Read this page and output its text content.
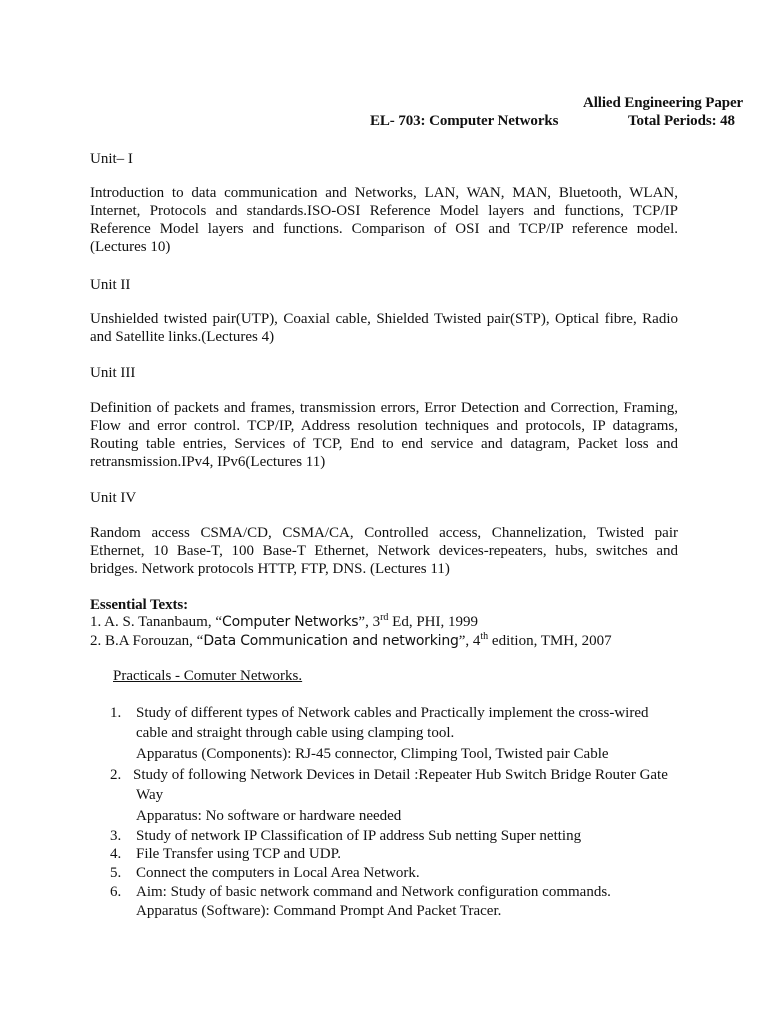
Allied Engineering Paper
EL- 703: Computer Networks	Total Periods: 48
Unit– I
Introduction to data communication and Networks, LAN, WAN, MAN, Bluetooth, WLAN, Internet, Protocols and standards.ISO-OSI Reference Model layers and functions, TCP/IP Reference Model layers and functions. Comparison of OSI and TCP/IP reference model. (Lectures 10)
Unit II
Unshielded twisted pair(UTP), Coaxial cable, Shielded Twisted pair(STP), Optical fibre, Radio and Satellite links.(Lectures 4)
Unit III
Definition of packets and frames, transmission errors, Error Detection and Correction, Framing, Flow and error control. TCP/IP, Address resolution techniques and protocols, IP datagrams, Routing table entries, Services of TCP, End to end service and datagram, Packet loss and retransmission.IPv4, IPv6(Lectures 11)
Unit IV
Random access CSMA/CD, CSMA/CA, Controlled access, Channelization, Twisted pair Ethernet, 10 Base-T, 100 Base-T Ethernet, Network devices-repeaters, hubs, switches and bridges. Network protocols HTTP, FTP, DNS. (Lectures 11)
Essential Texts:
1. A. S. Tananbaum, “Computer Networks”, 3rd Ed, PHI, 1999
2. B.A Forouzan, “Data Communication and networking”, 4th edition, TMH, 2007
Practicals - Comuter Networks.
1. Study of different types of Network cables and Practically implement the cross-wired
cable and straight through cable using clamping tool.
Apparatus (Components): RJ-45 connector, Climping Tool, Twisted pair Cable
2. Study of following Network Devices in Detail :Repeater Hub Switch Bridge Router Gate
Way
Apparatus: No software or hardware needed
3. Study of network IP Classification of IP address Sub netting Super netting
4. File Transfer using TCP and UDP.
5. Connect the computers in Local Area Network.
6. Aim: Study of basic network command and Network configuration commands.
Apparatus (Software): Command Prompt And Packet Tracer.
